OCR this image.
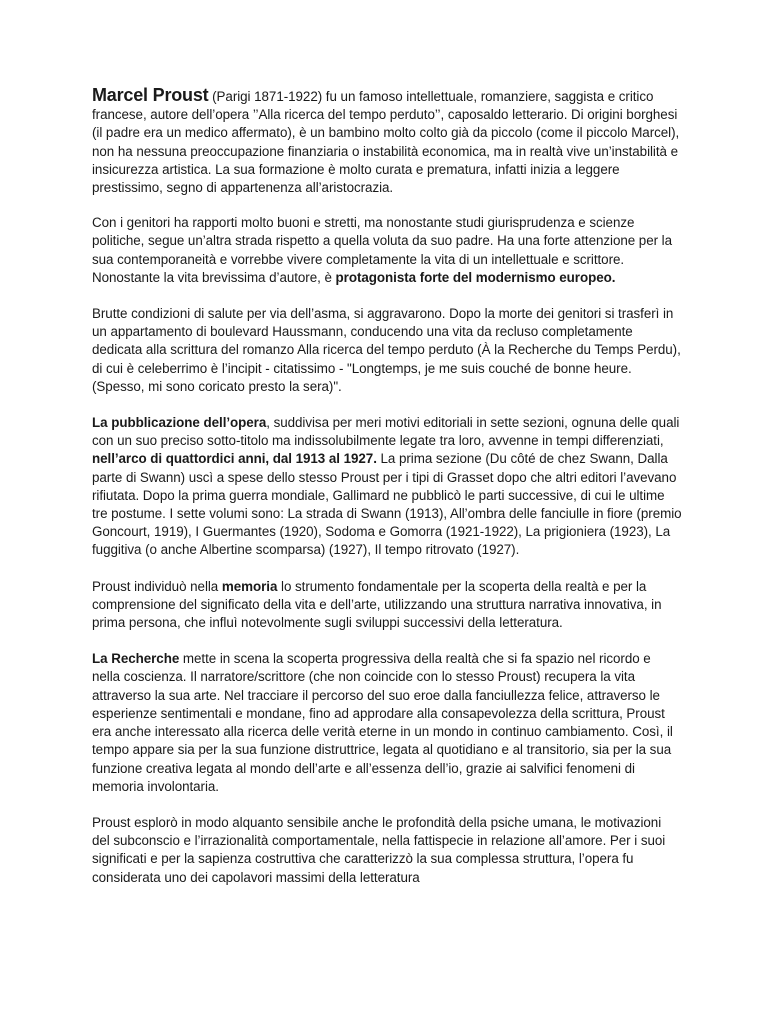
Marcel Proust (Parigi 1871-1922) fu un famoso intellettuale, romanziere, saggista e critico francese, autore dell’opera ’’Alla ricerca del tempo perduto’’, caposaldo letterario. Di origini borghesi (il padre era un medico affermato), è un bambino molto colto già da piccolo (come il piccolo Marcel), non ha nessuna preoccupazione finanziaria o instabilità economica, ma in realtà vive un’instabilità e insicurezza artistica. La sua formazione è molto curata e prematura, infatti inizia a leggere prestissimo, segno di appartenenza all’aristocrazia.

Con i genitori ha rapporti molto buoni e stretti, ma nonostante studi giurisprudenza e scienze politiche, segue un’altra strada rispetto a quella voluta da suo padre. Ha una forte attenzione per la sua contemporaneità e vorrebbe vivere completamente la vita di un intellettuale e scrittore. Nonostante la vita brevissima d’autore, è protagonista forte del modernismo europeo.

Brutte condizioni di salute per via dell’asma, si aggravarono. Dopo la morte dei genitori si trasferì in un appartamento di boulevard Haussmann, conducendo una vita da recluso completamente dedicata alla scrittura del romanzo Alla ricerca del tempo perduto (À la Recherche du Temps Perdu), di cui è celeberrimo è l’incipit - citatissimo - "Longtemps, je me suis couché de bonne heure. (Spesso, mi sono coricato presto la sera)".

La pubblicazione dell’opera, suddivisa per meri motivi editoriali in sette sezioni, ognuna delle quali con un suo preciso sotto-titolo ma indissolubilmente legate tra loro, avvenne in tempi differenziati, nell’arco di quattordici anni, dal 1913 al 1927. La prima sezione (Du côté de chez Swann, Dalla parte di Swann) uscì a spese dello stesso Proust per i tipi di Grasset dopo che altri editori l’avevano rifiutata. Dopo la prima guerra mondiale, Gallimard ne pubblicò le parti successive, di cui le ultime tre postume. I sette volumi sono: La strada di Swann (1913), All’ombra delle fanciulle in fiore (premio Goncourt, 1919), I Guermantes (1920), Sodoma e Gomorra (1921-1922), La prigioniera (1923), La fuggitiva (o anche Albertine scomparsa) (1927), Il tempo ritrovato (1927).

Proust individuò nella memoria lo strumento fondamentale per la scoperta della realtà e per la comprensione del significato della vita e dell’arte, utilizzando una struttura narrativa innovativa, in prima persona, che influì notevolmente sugli sviluppi successivi della letteratura.

La Recherche mette in scena la scoperta progressiva della realtà che si fa spazio nel ricordo e nella coscienza. Il narratore/scrittore (che non coincide con lo stesso Proust) recupera la vita attraverso la sua arte. Nel tracciare il percorso del suo eroe dalla fanciullezza felice, attraverso le esperienze sentimentali e mondane, fino ad approdare alla consapevolezza della scrittura, Proust era anche interessato alla ricerca delle verità eterne in un mondo in continuo cambiamento. Così, il tempo appare sia per la sua funzione distruttrice, legata al quotidiano e al transitorio, sia per la sua funzione creativa legata al mondo dell’arte e all’essenza dell’io, grazie ai salvifici fenomeni di memoria involontaria.

Proust esplorò in modo alquanto sensibile anche le profondità della psiche umana, le motivazioni del subconscio e l’irrazionalità comportamentale, nella fattispecie in relazione all’amore. Per i suoi significati e per la sapienza costruttiva che caratterizzò la sua complessa struttura, l’opera fu considerata uno dei capolavori massimi della letteratura
